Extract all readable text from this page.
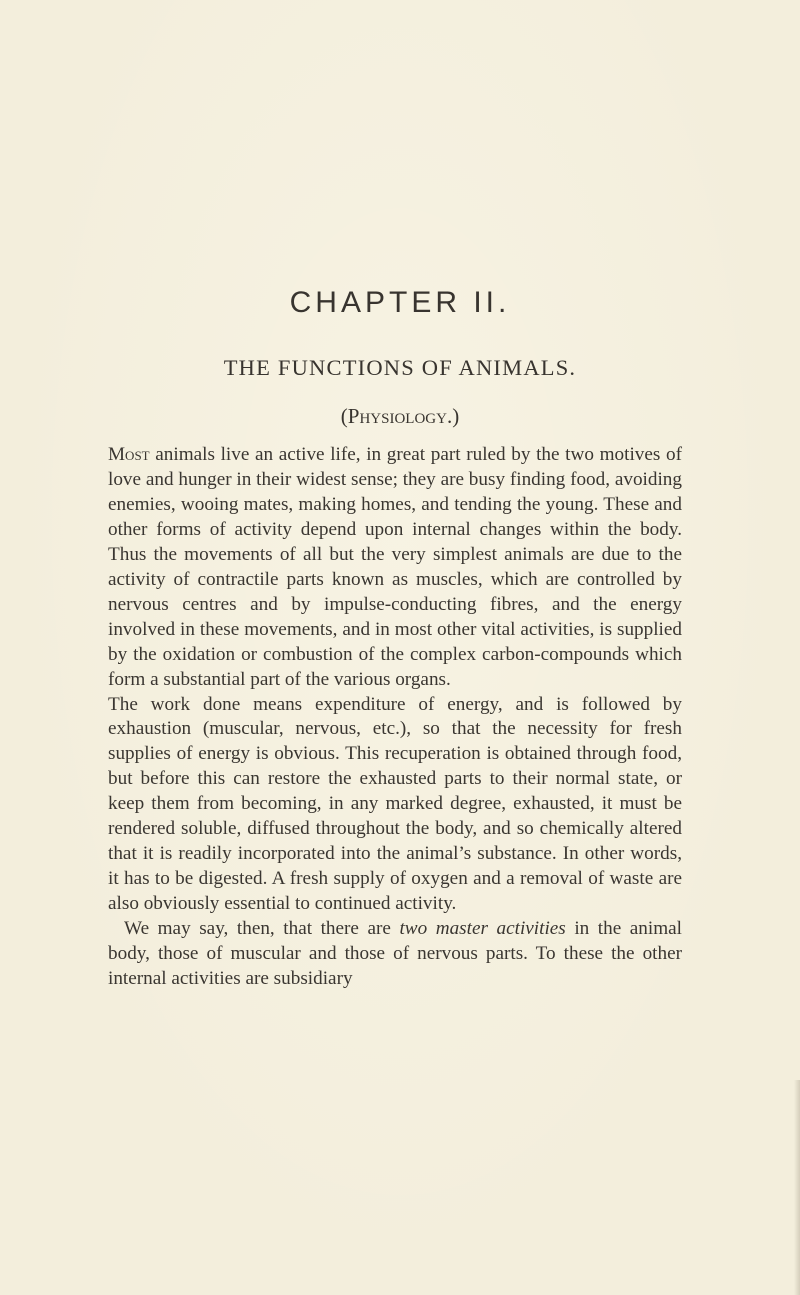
CHAPTER II.
THE FUNCTIONS OF ANIMALS.
(Physiology.)

Most animals live an active life, in great part ruled by the two motives of love and hunger in their widest sense; they are busy finding food, avoiding enemies, wooing mates, making homes, and tending the young. These and other forms of activity depend upon internal changes within the body. Thus the movements of all but the very simplest animals are due to the activity of contractile parts known as muscles, which are controlled by nervous centres and by impulse-conducting fibres, and the energy involved in these movements, and in most other vital activities, is supplied by the oxidation or combustion of the complex carbon-compounds which form a substantial part of the various organs.

The work done means expenditure of energy, and is followed by exhaustion (muscular, nervous, etc.), so that the necessity for fresh supplies of energy is obvious. This recuperation is obtained through food, but before this can restore the exhausted parts to their normal state, or keep them from becoming, in any marked degree, exhausted, it must be rendered soluble, diffused throughout the body, and so chemically altered that it is readily incorporated into the animal’s substance. In other words, it has to be digested. A fresh supply of oxygen and a removal of waste are also obviously essential to continued activity.

We may say, then, that there are two master activities in the animal body, those of muscular and those of nervous parts. To these the other internal activities are subsidiary
